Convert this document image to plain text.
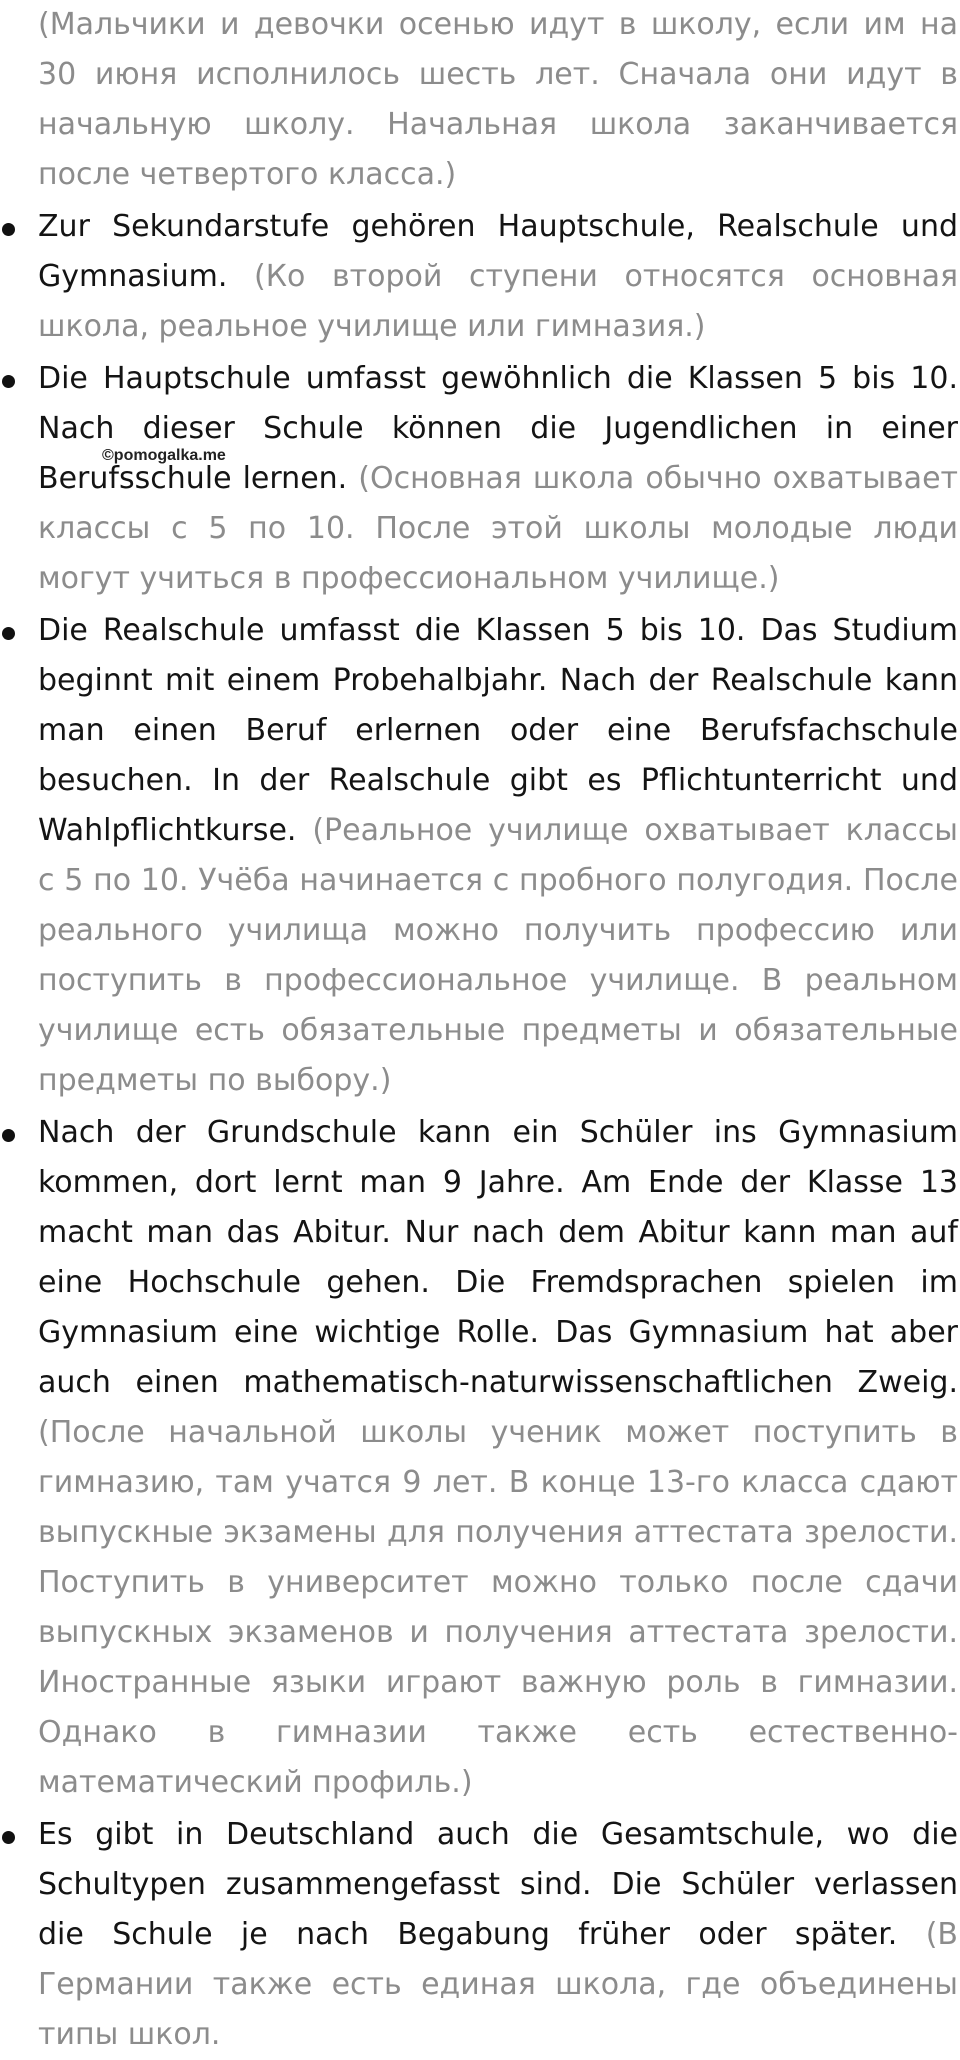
(Мальчики и девочки осенью идут в школу, если им на 30 июня исполнилось шесть лет. Сначала они идут в начальную школу. Начальная школа заканчивается после четвертого класса.)

Zur Sekundarstufe gehören Hauptschule, Realschule und Gymnasium. (Ко второй ступени относятся основная школа, реальное училище или гимназия.)
Die Hauptschule umfasst gewöhnlich die Klassen 5 bis 10. Nach dieser Schule können die Jugendlichen in einer Berufsschule lernen. (Основная школа обычно охватывает классы с 5 по 10. После этой школы молодые люди могут учиться в профессиональном училище.)
Die Realschule umfasst die Klassen 5 bis 10. Das Studium beginnt mit einem Probehalbjahr. Nach der Realschule kann man einen Beruf erlernen oder eine Berufsfachschule besuchen. In der Realschule gibt es Pflichtunterricht und Wahlpflichtkurse. (Реальное училище охватывает классы с 5 по 10. Учёба начинается с пробного полугодия. После реального училища можно получить профессию или поступить в профессиональное училище. В реальном училище есть обязательные предметы и обязательные предметы по выбору.)
Nach der Grundschule kann ein Schüler ins Gymnasium kommen, dort lernt man 9 Jahre. Am Ende der Klasse 13 macht man das Abitur. Nur nach dem Abitur kann man auf eine Hochschule gehen. Die Fremdsprachen spielen im Gymnasium eine wichtige Rolle. Das Gymnasium hat aber auch einen mathematisch-naturwissenschaftlichen Zweig. (После начальной школы ученик может поступить в гимназию, там учатся 9 лет. В конце 13-го класса сдают выпускные экзамены для получения аттестата зрелости. Поступить в университет можно только после сдачи выпускных экзаменов и получения аттестата зрелости. Иностранные языки играют важную роль в гимназии. Однако в гимназии также есть естественно-математический профиль.)
Es gibt in Deutschland auch die Gesamtschule, wo die Schultypen zusammengefasst sind. Die Schüler verlassen die Schule je nach Begabung früher oder später. (В Германии также есть единая школа, где объединены типы школ.
©pomogalka.me
